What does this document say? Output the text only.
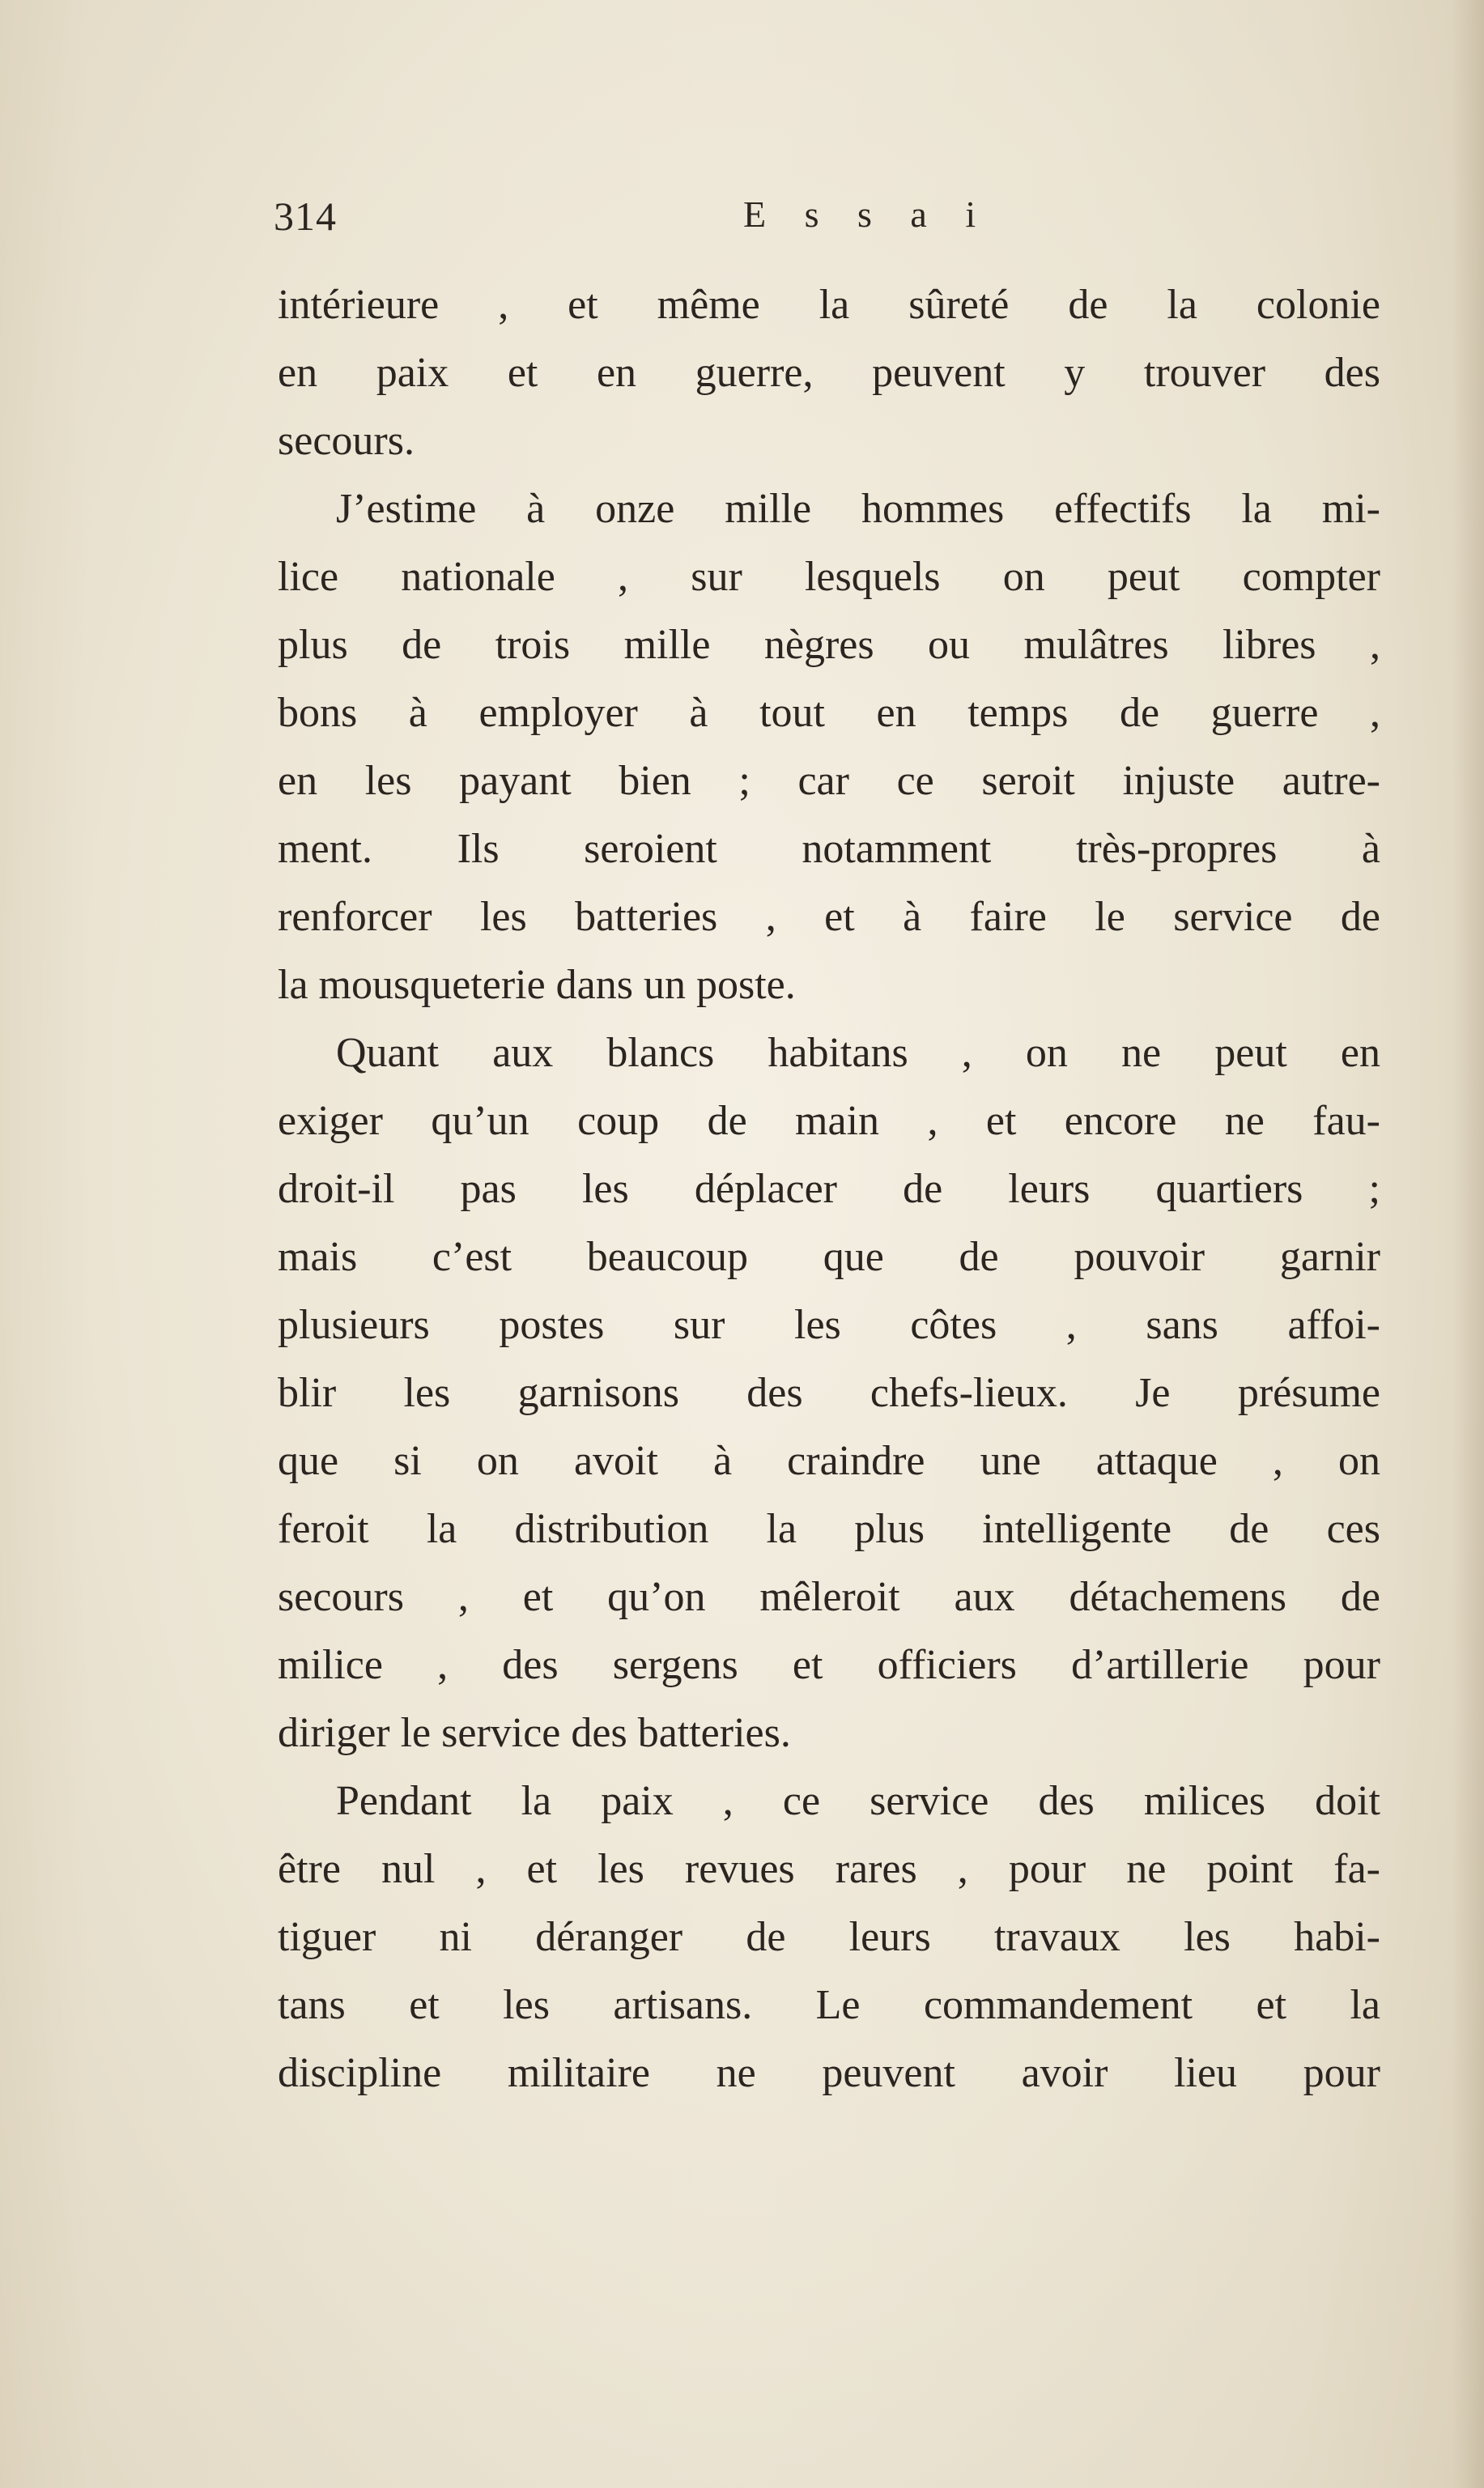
314	E s s a i
intérieure , et même la sûreté de la colonie
en paix et en guerre, peuvent y trouver des
secours.
J’estime à onze mille hommes effectifs la mi-
lice nationale , sur lesquels on peut compter
plus de trois mille nègres ou mulâtres libres ,
bons à employer à tout en temps de guerre ,
en les payant bien ; car ce seroit injuste autre-
ment. Ils seroient notamment très-propres à
renforcer les batteries , et à faire le service de
la mousqueterie dans un poste.
Quant aux blancs habitans , on ne peut en
exiger qu’un coup de main , et encore ne fau-
droit-il pas les déplacer de leurs quartiers ;
mais c’est beaucoup que de pouvoir garnir
plusieurs postes sur les côtes , sans affoi-
blir les garnisons des chefs-lieux. Je présume
que si on avoit à craindre une attaque , on
feroit la distribution la plus intelligente de ces
secours , et qu’on mêleroit aux détachemens de
milice , des sergens et officiers d’artillerie pour
diriger le service des batteries.
Pendant la paix , ce service des milices doit
être nul , et les revues rares , pour ne point fa-
tiguer ni déranger de leurs travaux les habi-
tans et les artisans. Le commandement et la
discipline militaire ne peuvent avoir lieu pour
